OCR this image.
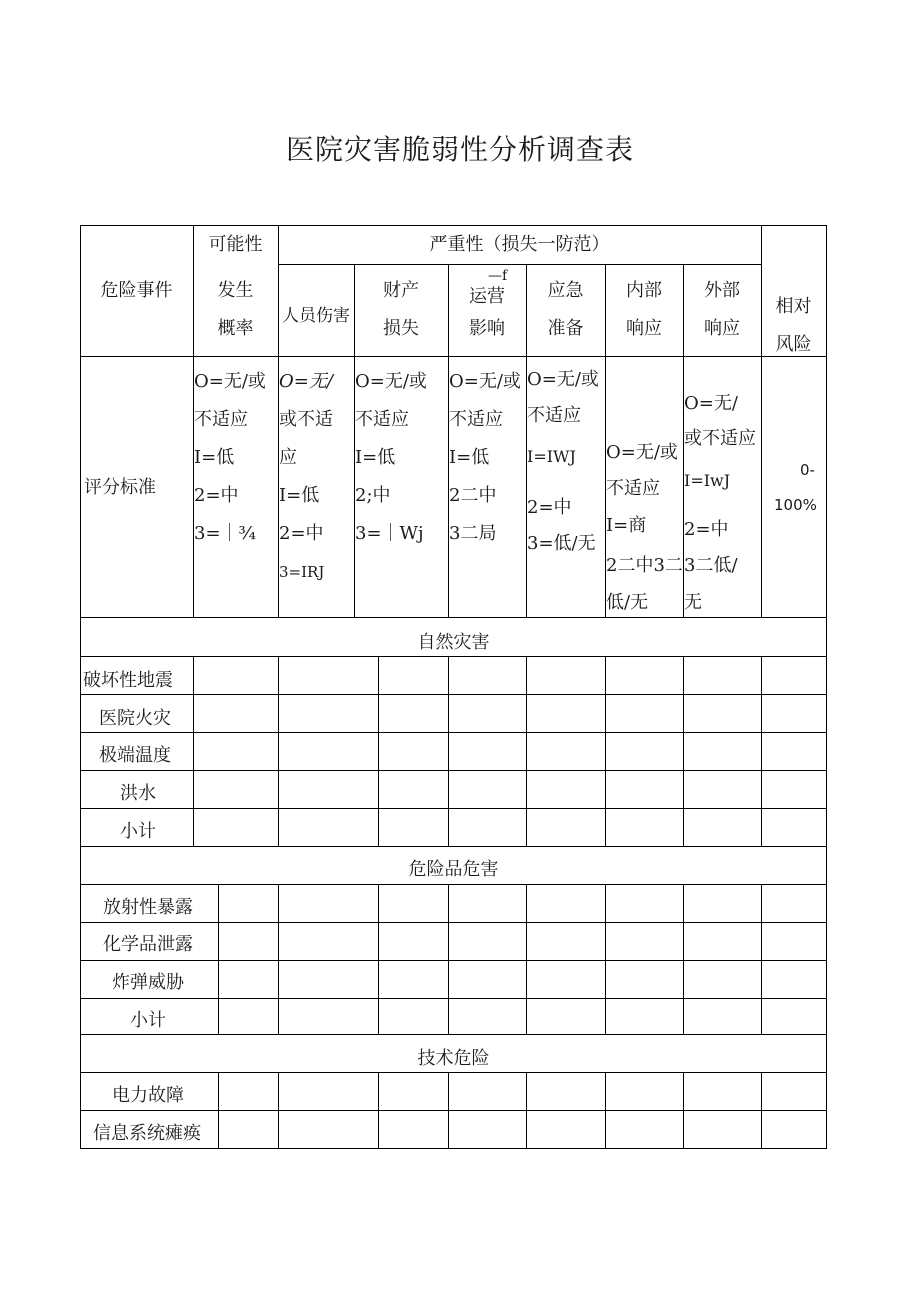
医院灾害脆弱性分析调查表
危险事件
可能性	严重性（损失一防范）
发生
概率
人员伤害
财产
损失
—f
运营
影响
应急
准备
内部
响应
外部
响应
相对
风险
评分标准
O=无/或
不适应
I=低
2=中
3=｜¾
O=无/
或不适
应
I=低
2=中
3=IRJ
O=无/或
不适应
I=低
2;中
3=｜Wj
O=无/或
不适应
I=低
2二中
3二局
O=无/或
不适应
I=IWJ
2=中
3=低/无
O=无/或
不适应
I=商
2二中3二
低/无
O=无/
或不适应
I=IwJ
2=中
3二低/
无
0-
100%
自然灾害
破坏性地震
医院火灾
极端温度
洪水
小计
危险品危害
放射性暴露
化学品泄露
炸弹威胁
小计
技术危险
电力故障
信息系统瘫痪
